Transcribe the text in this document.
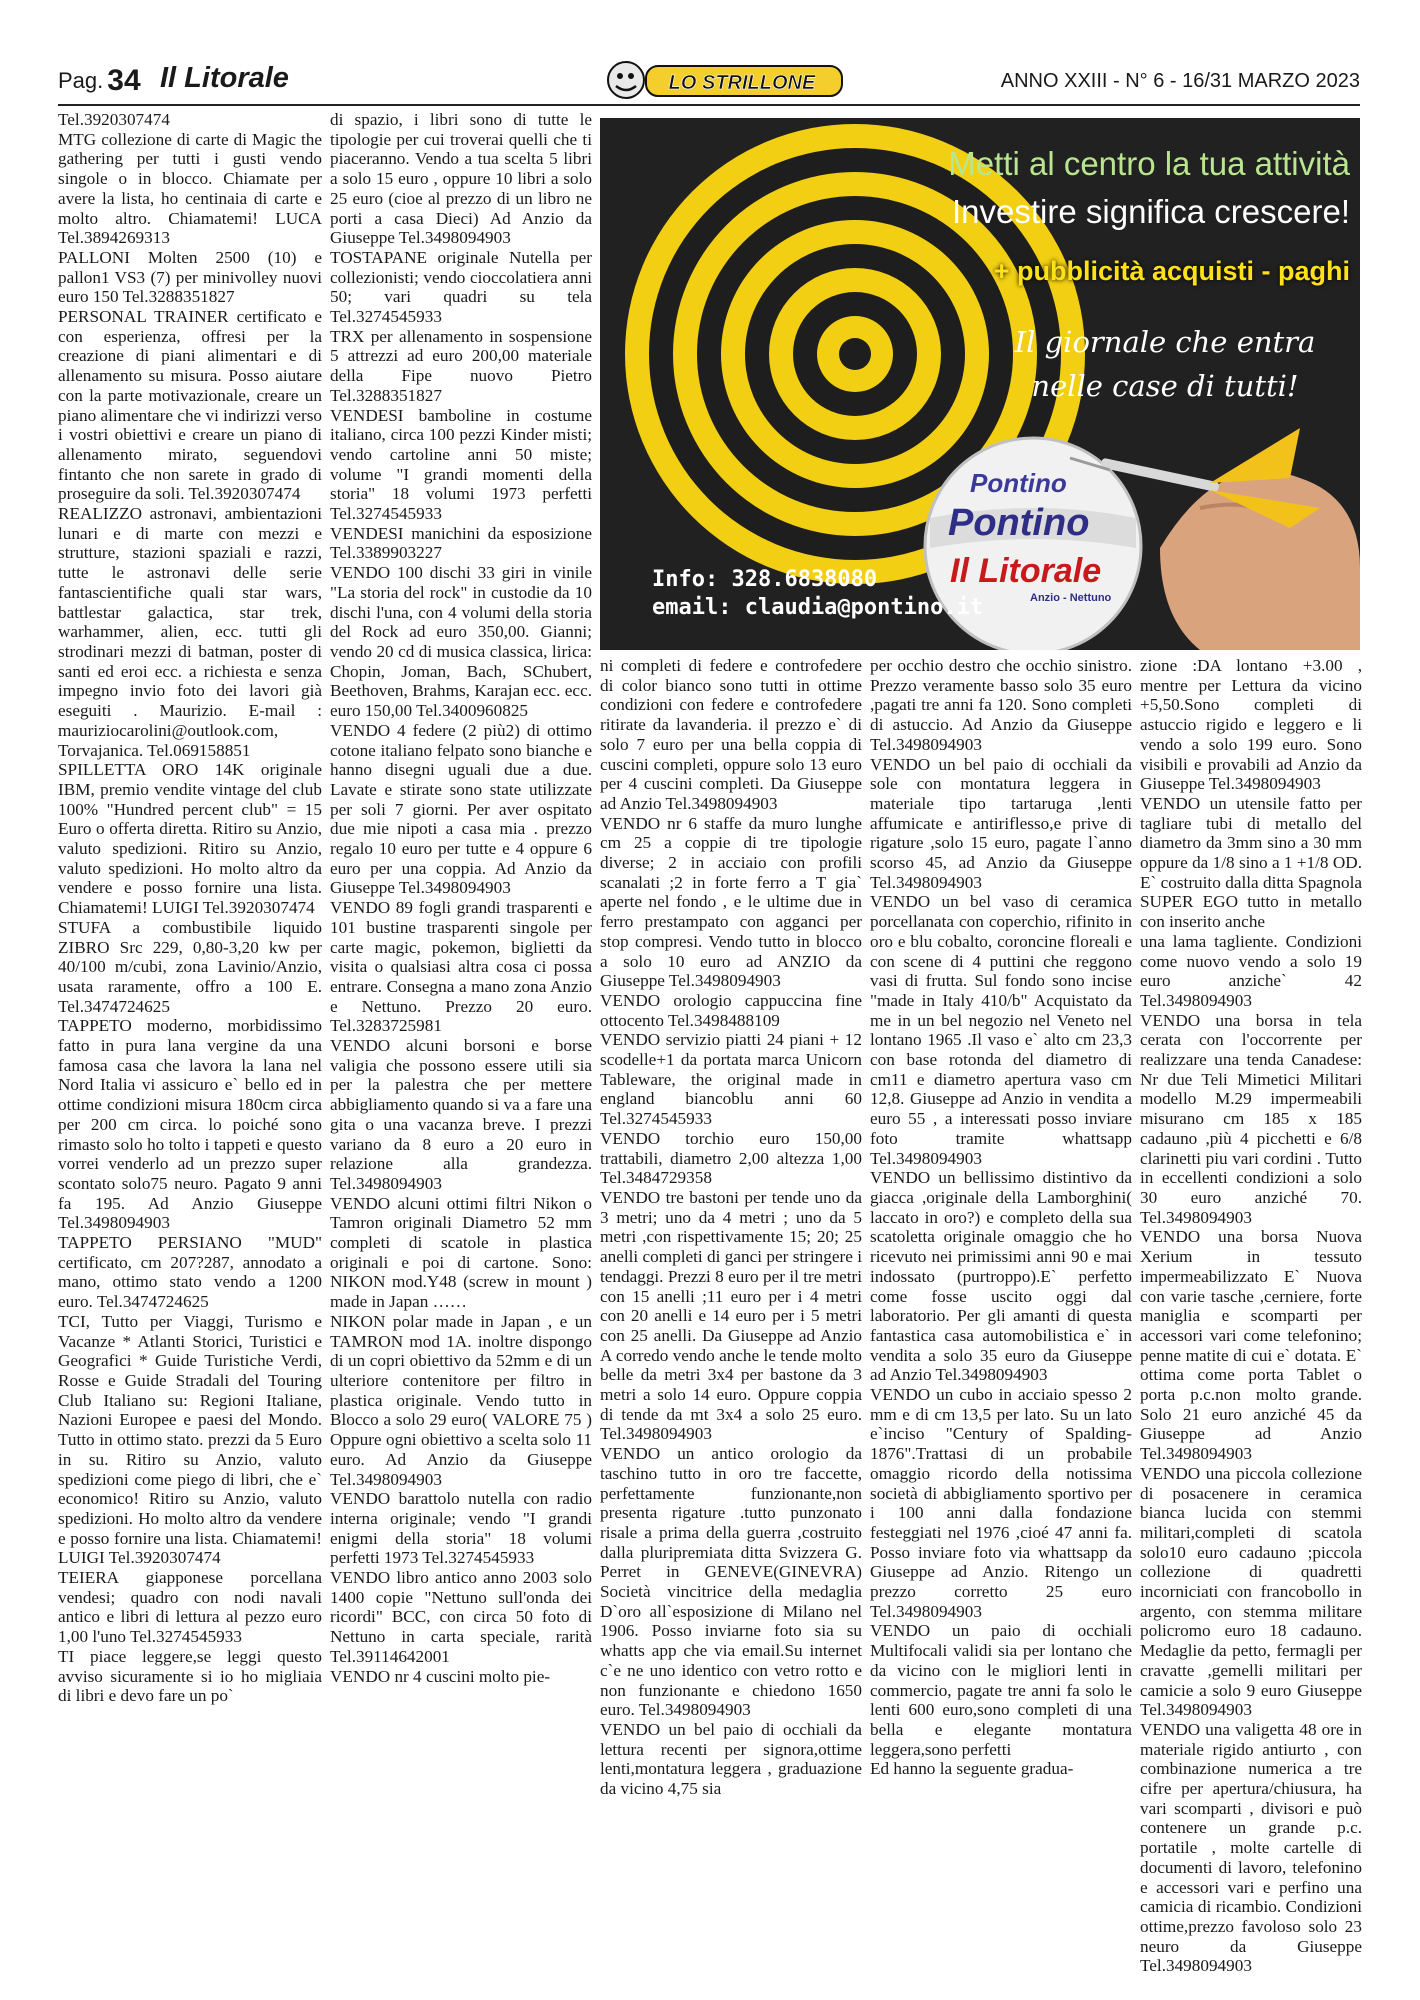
Pag. 34 Il Litorale	LO STRILLONE	ANNO XXIII - N° 6 - 16/31 MARZO 2023

Tel.3920307474

MTG collezione di carte di Magic the gathering per tutti i gusti vendo singole o in blocco. Chiamate per avere la lista, ho centinaia di carte e molto altro. Chiamatemi! LUCA Tel.3894269313

PALLONI Molten 2500 (10) e pallon1 VS3 (7) per minivolley nuovi euro 150 Tel.3288351827

PERSONAL TRAINER certificato e con esperienza, offresi per la creazione di piani alimentari e di allenamento su misura. Posso aiutare con la parte motivazionale, creare un piano alimentare che vi indirizzi verso i vostri obiettivi e creare un piano di allenamento mirato, seguendovi fintanto che non sarete in grado di proseguire da soli. Tel.3920307474

REALIZZO astronavi, ambientazioni lunari e di marte con mezzi e strutture, stazioni spaziali e razzi, tutte le astronavi delle serie fantascientifiche quali star wars, battlestar galactica, star trek, warhammer, alien, ecc. tutti gli strodinari mezzi di batman, poster di santi ed eroi ecc. a richiesta e senza impegno invio foto dei lavori già eseguiti . Maurizio. E-mail : mauriziocarolini@outlook.com, Torvajanica. Tel.069158851

SPILLETTA ORO 14K originale IBM, premio vendite vintage del club 100% "Hundred percent club" = 15 Euro o offerta diretta. Ritiro su Anzio, valuto spedizioni. Ritiro su Anzio, valuto spedizioni. Ho molto altro da vendere e posso fornire una lista. Chiamatemi! LUIGI Tel.3920307474

STUFA a combustibile liquido ZIBRO Src 229, 0,80-3,20 kw per 40/100 m/cubi, zona Lavinio/Anzio, usata raramente, offro a 100 E. Tel.3474724625

TAPPETO moderno, morbidissimo fatto in pura lana vergine da una famosa casa che lavora la lana nel Nord Italia vi assicuro e` bello ed in ottime condizioni misura 180cm circa per 200 cm circa. lo poiché sono rimasto solo ho tolto i tappeti e questo vorrei venderlo ad un prezzo super scontato solo75 neuro. Pagato 9 anni fa 195. Ad Anzio Giuseppe Tel.3498094903

TAPPETO PERSIANO "MUD" certificato, cm 207?287, annodato a mano, ottimo stato vendo a 1200 euro. Tel.3474724625

TCI, Tutto per Viaggi, Turismo e Vacanze * Atlanti Storici, Turistici e Geografici * Guide Turistiche Verdi, Rosse e Guide Stradali del Touring Club Italiano su: Regioni Italiane, Nazioni Europee e paesi del Mondo. Tutto in ottimo stato. prezzi da 5 Euro in su. Ritiro su Anzio, valuto spedizioni come piego di libri, che e` economico! Ritiro su Anzio, valuto spedizioni. Ho molto altro da vendere e posso fornire una lista. Chiamatemi! LUIGI Tel.3920307474

TEIERA giapponese porcellana vendesi; quadro con nodi navali antico e libri di lettura al pezzo euro 1,00 l'uno Tel.3274545933

TI piace leggere,se leggi questo avviso sicuramente si io ho migliaia di libri e devo fare un po`

di spazio, i libri sono di tutte le tipologie per cui troverai quelli che ti piaceranno. Vendo a tua scelta 5 libri a solo 15 euro , oppure 10 libri a solo 25 euro (cioe al prezzo di un libro ne porti a casa Dieci) Ad Anzio da Giuseppe Tel.3498094903

TOSTAPANE originale Nutella per collezionisti; vendo cioccolatiera anni 50; vari quadri su tela Tel.3274545933

TRX per allenamento in sospensione 5 attrezzi ad euro 200,00 materiale della Fipe nuovo Pietro Tel.3288351827

VENDESI bamboline in costume italiano, circa 100 pezzi Kinder misti; vendo cartoline anni 50 miste; volume "I grandi momenti della storia" 18 volumi 1973 perfetti Tel.3274545933

VENDESI manichini da esposizione Tel.3389903227

VENDO 100 dischi 33 giri in vinile "La storia del rock" in custodie da 10 dischi l'una, con 4 volumi della storia del Rock ad euro 350,00. Gianni; vendo 20 cd di musica classica, lirica: Chopin, Joman, Bach, SChubert, Beethoven, Brahms, Karajan ecc. ecc. euro 150,00 Tel.3400960825

VENDO 4 federe (2 più2) di ottimo cotone italiano felpato sono bianche e hanno disegni uguali due a due. Lavate e stirate sono state utilizzate per soli 7 giorni. Per aver ospitato due mie nipoti a casa mia . prezzo regalo 10 euro per tutte e 4 oppure 6 euro per una coppia. Ad Anzio da Giuseppe Tel.3498094903

VENDO 89 fogli grandi trasparenti e 101 bustine trasparenti singole per carte magic, pokemon, biglietti da visita o qualsiasi altra cosa ci possa entrare. Consegna a mano zona Anzio e Nettuno. Prezzo 20 euro. Tel.3283725981

VENDO alcuni borsoni e borse valigia che possono essere utili sia per la palestra che per mettere abbigliamento quando si va a fare una gita o una vacanza breve. I prezzi variano da 8 euro a 20 euro in relazione alla grandezza. Tel.3498094903

VENDO alcuni ottimi filtri Nikon o Tamron originali Diametro 52 mm completi di scatole in plastica originali e poi di cartone. Sono: NIKON mod.Y48 (screw in mount ) made in Japan ……

NIKON polar made in Japan , e un TAMRON mod 1A. inoltre dispongo di un copri obiettivo da 52mm e di un ulteriore contenitore per filtro in plastica originale. Vendo tutto in Blocco a solo 29 euro( VALORE 75 ) Oppure ogni obiettivo a scelta solo 11 euro. Ad Anzio da Giuseppe Tel.3498094903

VENDO barattolo nutella con radio interna originale; vendo "I grandi enigmi della storia" 18 volumi perfetti 1973 Tel.3274545933

VENDO libro antico anno 2003 solo 1400 copie "Nettuno sull'onda dei ricordi" BCC, con circa 50 foto di Nettuno in carta speciale, rarità Tel.39114642001

VENDO nr 4 cuscini molto pie-

Pontino
Pontino
Il Litorale
Anzio - Nettuno
Metti al centro la tua attività
Investire significa crescere!
+ pubblicità acquisti - paghi
Il giornale che entra
nelle case di tutti!
Info: 328.6838080
email: claudia@pontino.it

ni completi di federe e controfedere di color bianco sono tutti in ottime condizioni con federe e controfedere ritirate da lavanderia. il prezzo e` di solo 7 euro per una bella coppia di cuscini completi, oppure solo 13 euro per 4 cuscini completi. Da Giuseppe ad Anzio Tel.3498094903

VENDO nr 6 staffe da muro lunghe cm 25 a coppie di tre tipologie diverse; 2 in acciaio con profili scanalati ;2 in forte ferro a T gia` aperte nel fondo , e le ultime due in ferro prestampato con agganci per stop compresi. Vendo tutto in blocco a solo 10 euro ad ANZIO da Giuseppe Tel.3498094903

VENDO orologio cappuccina fine ottocento Tel.3498488109

VENDO servizio piatti 24 piani + 12 scodelle+1 da portata marca Unicorn Tableware, the original made in england biancoblu anni 60 Tel.3274545933

VENDO torchio euro 150,00 trattabili, diametro 2,00 altezza 1,00 Tel.3484729358

VENDO tre bastoni per tende uno da 3 metri; uno da 4 metri ; uno da 5 metri ,con rispettivamente 15; 20; 25 anelli completi di ganci per stringere i tendaggi. Prezzi 8 euro per il tre metri con 15 anelli ;11 euro per i 4 metri con 20 anelli e 14 euro per i 5 metri con 25 anelli. Da Giuseppe ad Anzio A corredo vendo anche le tende molto belle da metri 3x4 per bastone da 3 metri a solo 14 euro. Oppure coppia di tende da mt 3x4 a solo 25 euro. Tel.3498094903

VENDO un antico orologio da taschino tutto in oro tre faccette, perfettamente funzionante,non presenta rigature .tutto punzonato risale a prima della guerra ,costruito dalla pluripremiata ditta Svizzera G. Perret in GENEVE(GINEVRA) Società vincitrice della medaglia D`oro all`esposizione di Milano nel 1906. Posso inviarne foto sia su whatts app che via email.Su internet c`e ne uno identico con vetro rotto e non funzionante e chiedono 1650 euro. Tel.3498094903

VENDO un bel paio di occhiali da lettura recenti per signora,ottime lenti,montatura leggera , graduazione da vicino 4,75 sia

per occhio destro che occhio sinistro. Prezzo veramente basso solo 35 euro ,pagati tre anni fa 120. Sono completi di astuccio. Ad Anzio da Giuseppe Tel.3498094903

VENDO un bel paio di occhiali da sole con montatura leggera in materiale tipo tartaruga ,lenti affumicate e antiriflesso,e prive di rigature ,solo 15 euro, pagate l`anno scorso 45, ad Anzio da Giuseppe Tel.3498094903

VENDO un bel vaso di ceramica porcellanata con coperchio, rifinito in oro e blu cobalto, coroncine floreali e con scene di 4 puttini che reggono vasi di frutta. Sul fondo sono incise "made in Italy 410/b" Acquistato da me in un bel negozio nel Veneto nel lontano 1965 .Il vaso e` alto cm 23,3 con base rotonda del diametro di cm11 e diametro apertura vaso cm 12,8. Giuseppe ad Anzio in vendita a euro 55 , a interessati posso inviare foto tramite whattsapp Tel.3498094903

VENDO un bellissimo distintivo da giacca ,originale della Lamborghini( laccato in oro?) e completo della sua scatoletta originale omaggio che ho ricevuto nei primissimi anni 90 e mai indossato (purtroppo).E` perfetto come fosse uscito oggi dal laboratorio. Per gli amanti di questa fantastica casa automobilistica e` in vendita a solo 35 euro da Giuseppe ad Anzio Tel.3498094903

VENDO un cubo in acciaio spesso 2 mm e di cm 13,5 per lato. Su un lato e`inciso "Century of Spalding-1876".Trattasi di un probabile omaggio ricordo della notissima società di abbigliamento sportivo per i 100 anni dalla fondazione festeggiati nel 1976 ,cioé 47 anni fa. Posso inviare foto via whattsapp da Giuseppe ad Anzio. Ritengo un prezzo corretto 25 euro Tel.3498094903

VENDO un paio di occhiali Multifocali validi sia per lontano che da vicino con le migliori lenti in commercio, pagate tre anni fa solo le lenti 600 euro,sono completi di una bella e elegante montatura leggera,sono perfetti

Ed hanno la seguente gradua-

zione :DA lontano +3.00 , mentre per Lettura da vicino +5,50.Sono completi di astuccio rigido e leggero e li vendo a solo 199 euro. Sono visibili e provabili ad Anzio da Giuseppe Tel.3498094903

VENDO un utensile fatto per tagliare tubi di metallo del diametro da 3mm sino a 30 mm oppure da 1/8 sino a 1 +1/8 OD. E` costruito dalla ditta Spagnola SUPER EGO tutto in metallo con inserito anche

una lama tagliente. Condizioni come nuovo vendo a solo 19 euro anziche` 42 Tel.3498094903

VENDO una borsa in tela cerata con l'occorrente per realizzare una tenda Canadese: Nr due Teli Mimetici Militari modello M.29 impermeabili misurano cm 185 x 185 cadauno ,più 4 picchetti e 6/8 clarinetti piu vari cordini . Tutto in eccellenti condizioni a solo 30 euro anziché 70. Tel.3498094903

VENDO una borsa Nuova Xerium in tessuto impermeabilizzato E` Nuova con varie tasche ,cerniere, forte maniglia e scomparti per accessori vari come telefonino; penne matite di cui e` dotata. E` ottima come porta Tablet o porta p.c.non molto grande. Solo 21 euro anziché 45 da Giuseppe ad Anzio Tel.3498094903

VENDO una piccola collezione di posacenere in ceramica bianca lucida con stemmi militari,completi di scatola solo10 euro cadauno ;piccola collezione di quadretti incorniciati con francobollo in argento, con stemma militare policromo euro 18 cadauno. Medaglie da petto, fermagli per cravatte ,gemelli militari per camicie a solo 9 euro Giuseppe Tel.3498094903

VENDO una valigetta 48 ore in materiale rigido antiurto , con combinazione numerica a tre cifre per apertura/chiusura, ha vari scomparti , divisori e può contenere un grande p.c. portatile , molte cartelle di documenti di lavoro, telefonino e accessori vari e perfino una camicia di ricambio. Condizioni ottime,prezzo favoloso solo 23 neuro da Giuseppe Tel.3498094903
